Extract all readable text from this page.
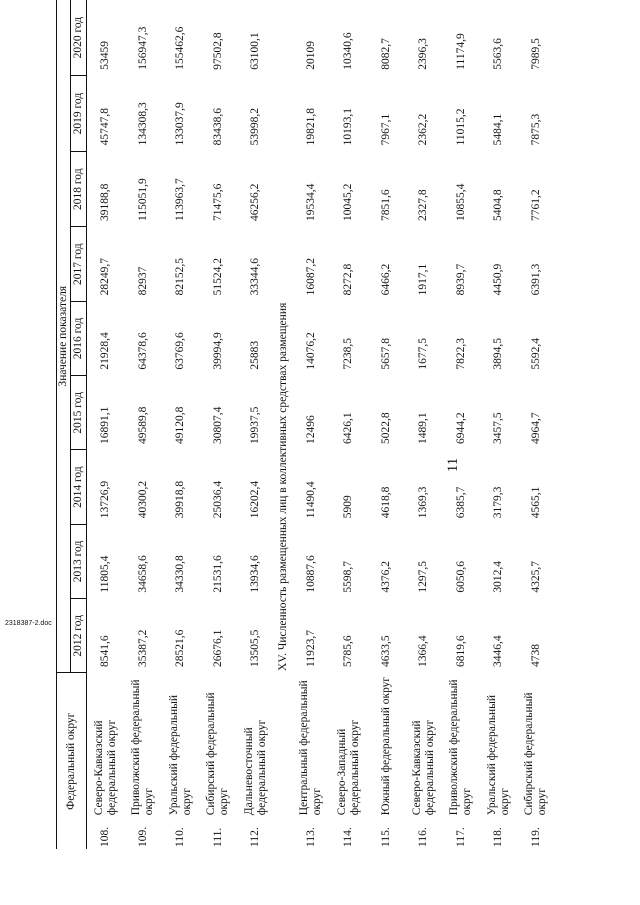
11
Федеральный округ		Значение показателя								
		2012 год	2013 год	2014 год	2015 год	2016 год	2017 год	2018 год	2019 год	2020 год
108.	Северо-Кавказский федеральный округ	8541,6	11805,4	13726,9	16891,1	21928,4	28249,7	39188,8	45747,8	53459
109.	Приволжский федеральный округ	35387,2	34658,6	40300,2	49589,8	64378,6	82937	115051,9	134308,3	156947,3
110.	Уральский федеральный округ	28521,6	34330,8	39918,8	49120,8	63769,6	82152,5	113963,7	133037,9	155462,6
111.	Сибирский федеральный округ	26676,1	21531,6	25036,4	30807,4	39994,9	51524,2	71475,6	83438,6	97502,8
112.	Дальневосточный федеральный округ	13505,5	13934,6	16202,4	19937,5	25883	33344,6	46256,2	53998,2	63100,1
		XV. Численность размещенных лиц в коллективных средствах размещения								
113.	Центральный федеральный округ	11923,7	10887,6	11490,4	12496	14076,2	16087,2	19534,4	19821,8	20109
114.	Северо-Западный федеральный округ	5785,6	5598,7	5909	6426,1	7238,5	8272,8	10045,2	10193,1	10340,6
115.	Южный федеральный округ	4633,5	4376,2	4618,8	5022,8	5657,8	6466,2	7851,6	7967,1	8082,7
116.	Северо-Кавказский федеральный округ	1366,4	1297,5	1369,3	1489,1	1677,5	1917,1	2327,8	2362,2	2396,3
117.	Приволжский федеральный округ	6819,6	6050,6	6385,7	6944,2	7822,3	8939,7	10855,4	11015,2	11174,9
118.	Уральский федеральный округ	3446,4	3012,4	3179,3	3457,5	3894,5	4450,9	5404,8	5484,1	5563,6
119.	Сибирский федеральный округ	4738	4325,7	4565,1	4964,7	5592,4	6391,3	7761,2	7875,3	7989,5
2318387-2.doc
